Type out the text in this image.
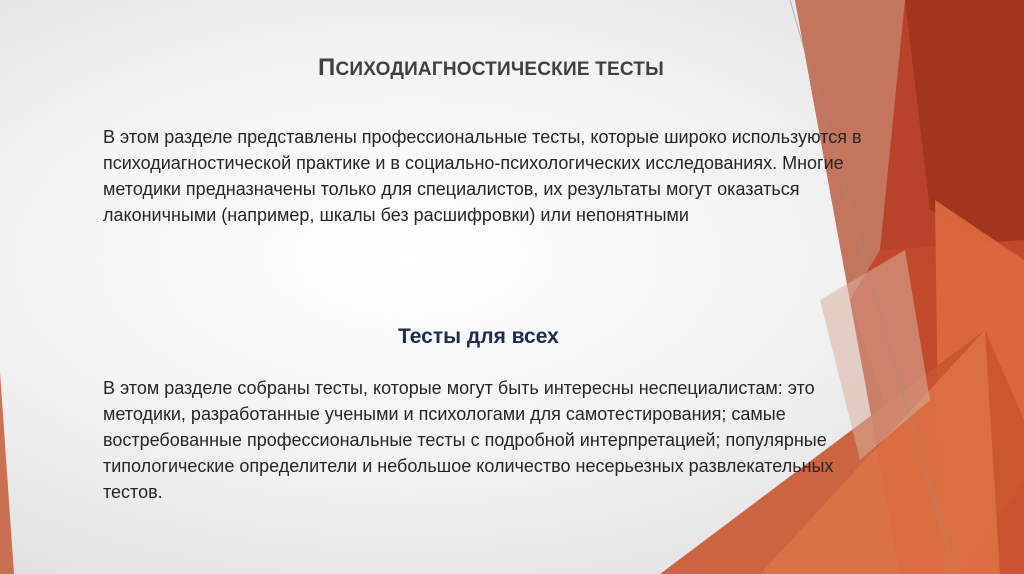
ПСИХОДИАГНОСТИЧЕСКИЕ ТЕСТЫ
В этом разделе представлены профессиональные тесты, которые широко используются в психодиагностической практике и в социально-психологических исследованиях. Многие методики предназначены только для специалистов, их результаты могут оказаться лаконичными (например, шкалы без расшифровки) или непонятными
Тесты для всех
В этом разделе собраны тесты, которые могут быть интересны неспециалистам: это методики, разработанные учеными и психологами для самотестирования; самые востребованные профессиональные тесты с подробной интерпретацией; популярные типологические определители и небольшое количество несерьезных развлекательных тестов.
